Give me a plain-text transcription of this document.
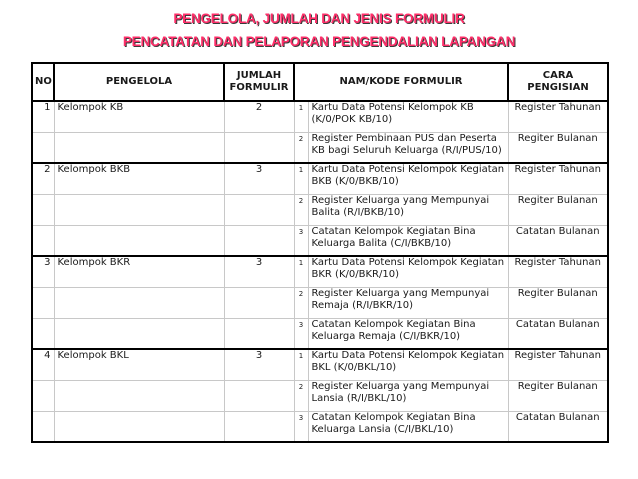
PENGELOLA, JUMLAH DAN JENIS FORMULIR
PENCATATAN DAN PELAPORAN PENGENDALIAN LAPANGAN
NO	PENGELOLA	JUMLAH FORMULIR	NAM/KODE FORMULIR		CARA PENGISIAN
1	Kelompok KB	2	1	Kartu Data Potensi Kelompok KB (K/0/POK KB/10)	Register Tahunan
			2	Register Pembinaan PUS dan Peserta KB bagi Seluruh Keluarga (R/I/PUS/10)	Regiter Bulanan
2	Kelompok BKB	3	1	Kartu Data Potensi Kelompok Kegiatan BKB (K/0/BKB/10)	Register Tahunan
			2	Register Keluarga yang Mempunyai Balita (R/I/BKB/10)	Regiter Bulanan
			3	Catatan Kelompok Kegiatan Bina Keluarga Balita (C/I/BKB/10)	Catatan Bulanan
3	Kelompok BKR	3	1	Kartu Data Potensi Kelompok Kegiatan BKR (K/0/BKR/10)	Register Tahunan
			2	Register Keluarga yang Mempunyai Remaja (R/I/BKR/10)	Regiter Bulanan
			3	Catatan Kelompok Kegiatan Bina Keluarga Remaja (C/I/BKR/10)	Catatan Bulanan
4	Kelompok BKL	3	1	Kartu Data Potensi Kelompok Kegiatan BKL (K/0/BKL/10)	Register Tahunan
			2	Register Keluarga yang Mempunyai Lansia (R/I/BKL/10)	Regiter Bulanan
			3	Catatan Kelompok Kegiatan Bina Keluarga Lansia (C/I/BKL/10)	Catatan Bulanan
